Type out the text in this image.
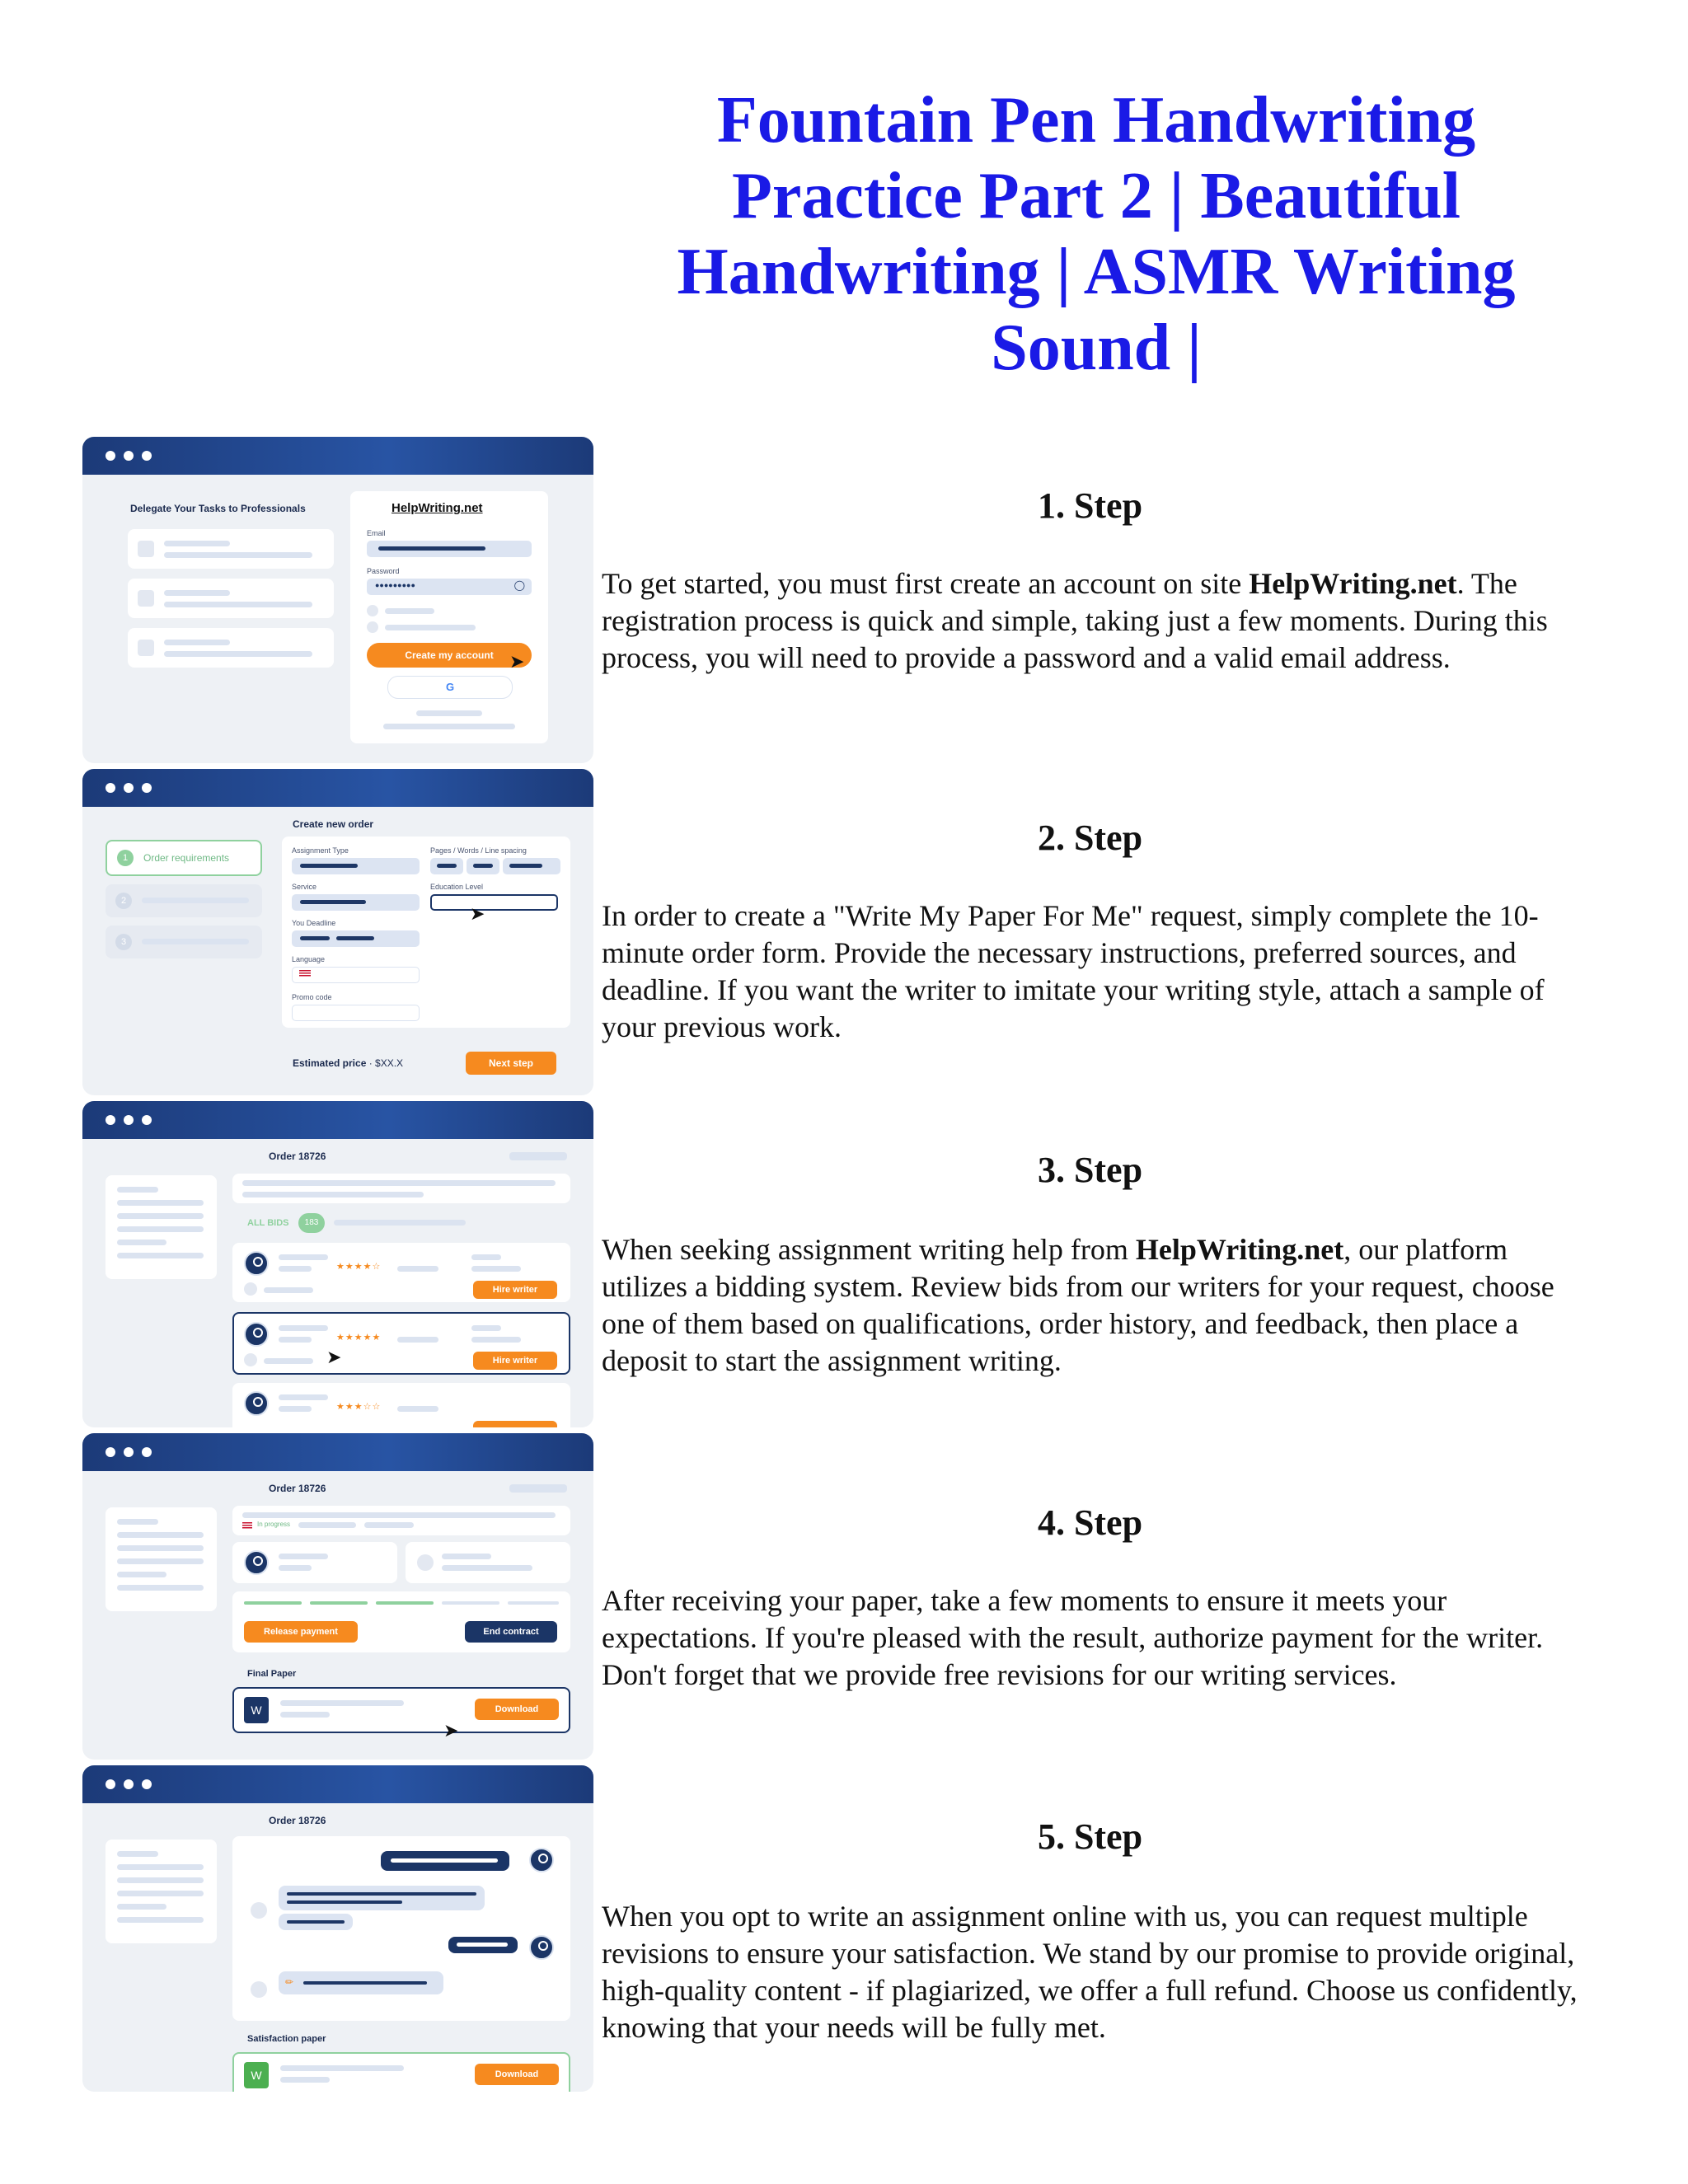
Fountain Pen Handwriting Practice Part 2 | Beautiful Handwriting | ASMR Writing Sound |
Delegate Your Tasks to Professionals	HelpWriting.net
Email
Password
●●●●●●●●●	◯
Create my account
G
➤
1	Order requirements
2
3
Create new order
Assignment Type	Pages / Words / Line spacing
Service	Education Level
You Deadline
Language
Promo code
➤
Estimated price · $XX.X	Next step
Order 18726
ALL BIDS	183
★★★★☆
Hire writer
★★★★★
Hire writer
➤
★★★☆☆
Order 18726
In progress
Release payment	End contract
Final Paper
W	Download
➤
Order 18726
✏
Satisfaction paper
W	Download
1. Step

To get started, you must first create an account on site HelpWriting.net. The registration process is quick and simple, taking just a few moments. During this process, you will need to provide a password and a valid email address.

2. Step

In order to create a "Write My Paper For Me" request, simply complete the 10-minute order form. Provide the necessary instructions, preferred sources, and deadline. If you want the writer to imitate your writing style, attach a sample of your previous work.

3. Step

When seeking assignment writing help from HelpWriting.net, our platform utilizes a bidding system. Review bids from our writers for your request, choose one of them based on qualifications, order history, and feedback, then place a deposit to start the assignment writing.

4. Step

After receiving your paper, take a few moments to ensure it meets your expectations. If you're pleased with the result, authorize payment for the writer. Don't forget that we provide free revisions for our writing services.

5. Step

When you opt to write an assignment online with us, you can request multiple revisions to ensure your satisfaction. We stand by our promise to provide original, high-quality content - if plagiarized, we offer a full refund. Choose us confidently, knowing that your needs will be fully met.
